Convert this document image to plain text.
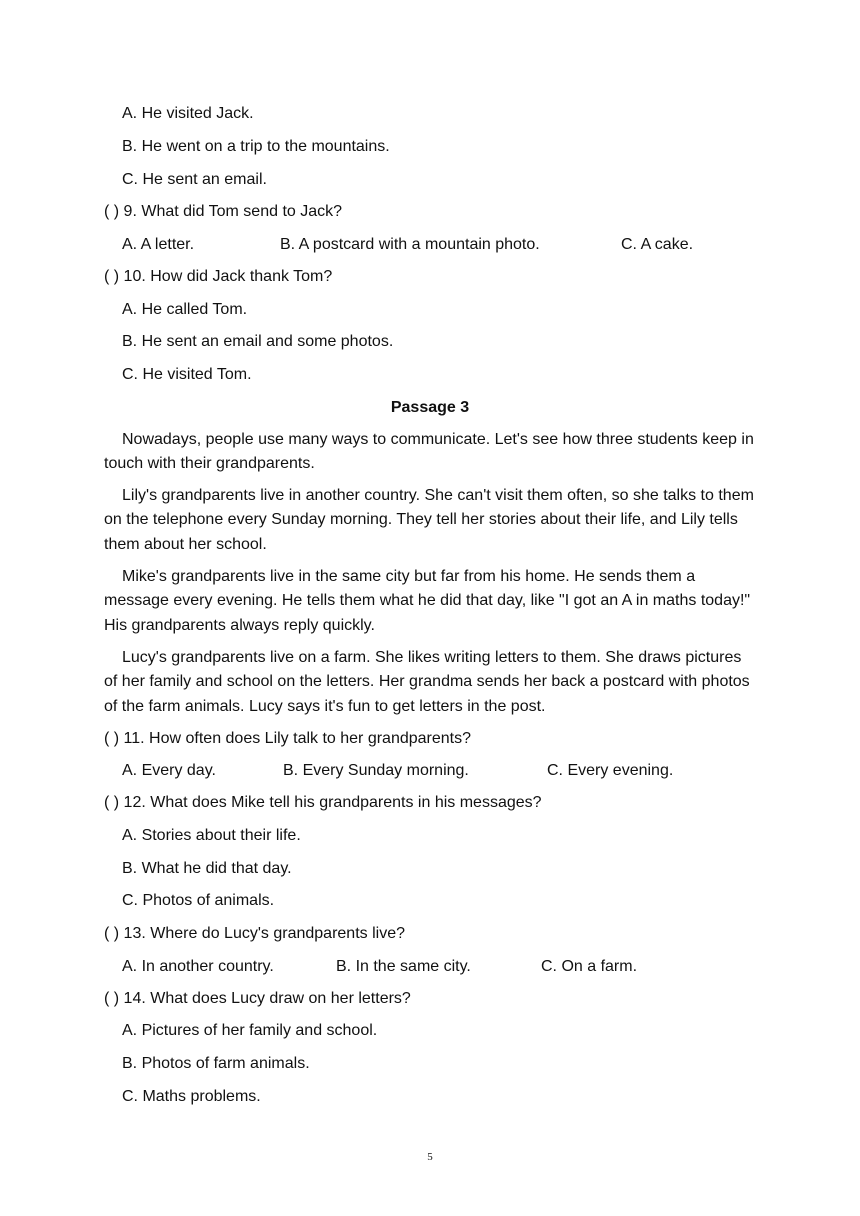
A. He visited Jack.
B. He went on a trip to the mountains.
C. He sent an email.
( ) 9. What did Tom send to Jack?
A. A letter.	B. A postcard with a mountain photo.	C. A cake.
( ) 10. How did Jack thank Tom?
A. He called Tom.
B. He sent an email and some photos.
C. He visited Tom.
Passage 3

Nowadays, people use many ways to communicate. Let's see how three students keep in touch with their grandparents.

Lily's grandparents live in another country. She can't visit them often, so she talks to them on the telephone every Sunday morning. They tell her stories about their life, and Lily tells them about her school.

Mike's grandparents live in the same city but far from his home. He sends them a message every evening. He tells them what he did that day, like "I got an A in maths today!" His grandparents always reply quickly.

Lucy's grandparents live on a farm. She likes writing letters to them. She draws pictures of her family and school on the letters. Her grandma sends her back a postcard with photos of the farm animals. Lucy says it's fun to get letters in the post.

( ) 11. How often does Lily talk to her grandparents?
A. Every day.	B. Every Sunday morning.	C. Every evening.
( ) 12. What does Mike tell his grandparents in his messages?
A. Stories about their life.
B. What he did that day.
C. Photos of animals.
( ) 13. Where do Lucy's grandparents live?
A. In another country.	B. In the same city.	C. On a farm.
( ) 14. What does Lucy draw on her letters?
A. Pictures of her family and school.
B. Photos of farm animals.
C. Maths problems.
5
